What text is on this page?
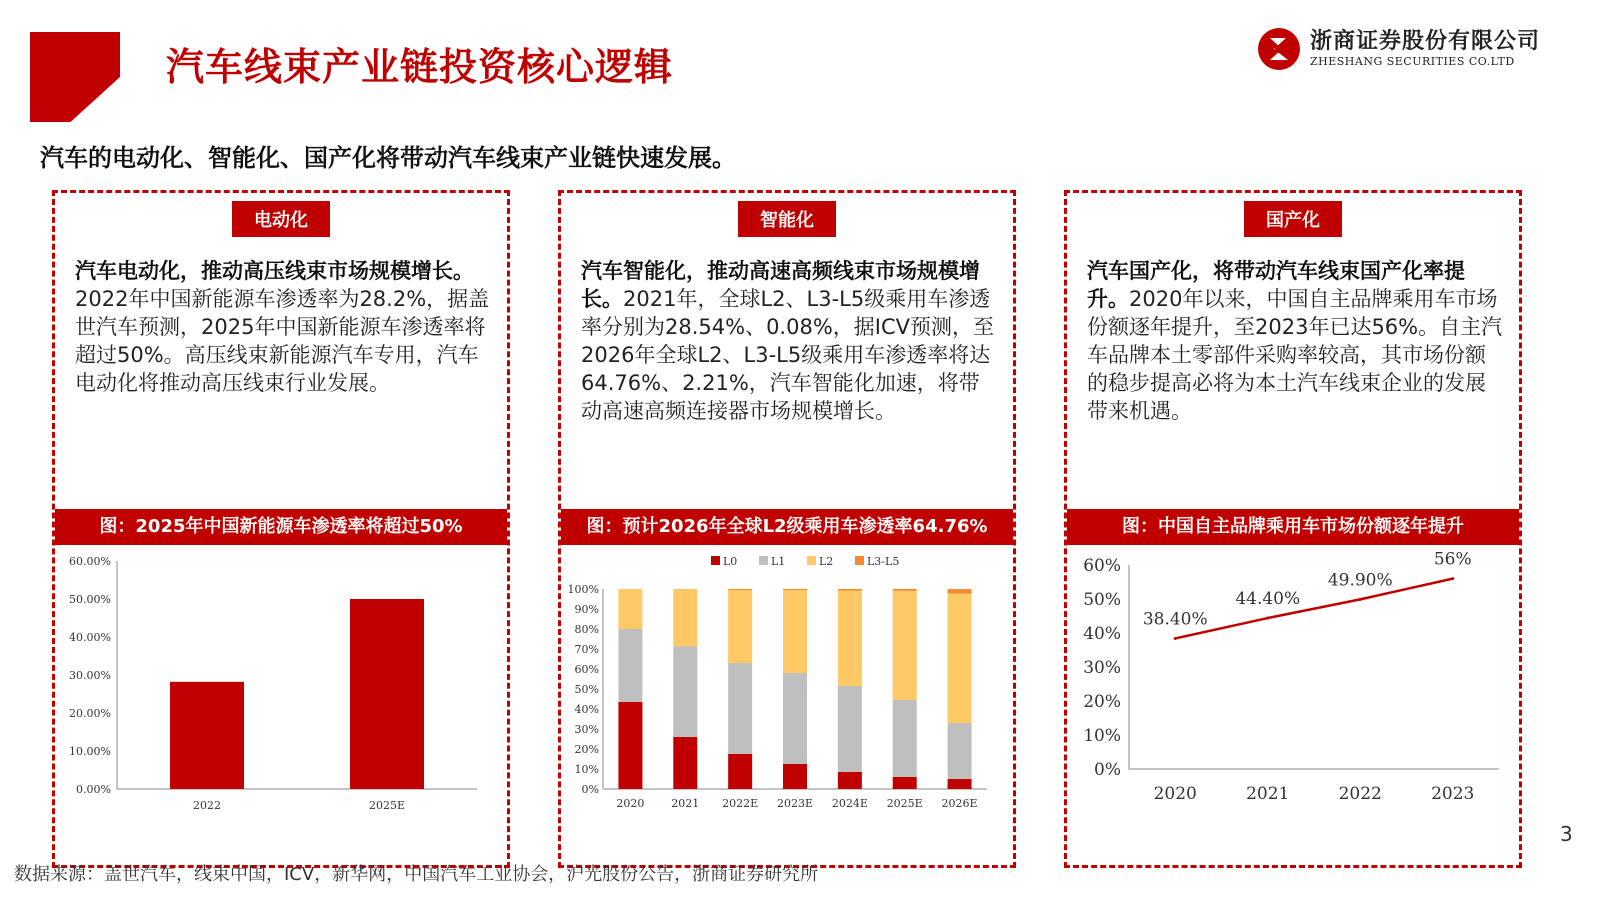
汽车线束产业链投资核心逻辑
浙商证券股份有限公司
ZHESHANG SECURITIES CO.LTD
汽车的电动化、智能化、国产化将带动汽车线束产业链快速发展。
电动化
汽车电动化，推动高压线束市场规模增长。2022年中国新能源车渗透率为28.2%，据盖世汽车预测，2025年中国新能源车渗透率将超过50%。高压线束新能源汽车专用，汽车电动化将推动高压线束行业发展。
图：2025年中国新能源车渗透率将超过50%
0.00%
10.00%
20.00%
30.00%
40.00%
50.00%
60.00%
2022	2025E
智能化
汽车智能化，推动高速高频线束市场规模增长。2021年，全球L2、L3-L5级乘用车渗透率分别为28.54%、0.08%，据ICV预测，至2026年全球L2、L3-L5级乘用车渗透率将达64.76%、2.21%，汽车智能化加速，将带动高速高频连接器市场规模增长。
图：预计2026年全球L2级乘用车渗透率64.76%
L0	L1	L2	L3-L5
0%
10%
20%
30%
40%
50%
60%
70%
80%
90%
100%
2020 2021 2022E 2023E 2024E 2025E 2026E
国产化
汽车国产化，将带动汽车线束国产化率提升。2020年以来，中国自主品牌乘用车市场份额逐年提升，至2023年已达56%。自主汽车品牌本土零部件采购率较高，其市场份额的稳步提高必将为本土汽车线束企业的发展带来机遇。
图：中国自主品牌乘用车市场份额逐年提升
0%
10%
20%
30%
40%
50%
60%
38.40%
2020
44.40%
2021
49.90%
2022
56%
2023
数据来源：盖世汽车，线束中国，ICV，新华网，中国汽车工业协会，沪光股份公告，浙商证券研究所
3
